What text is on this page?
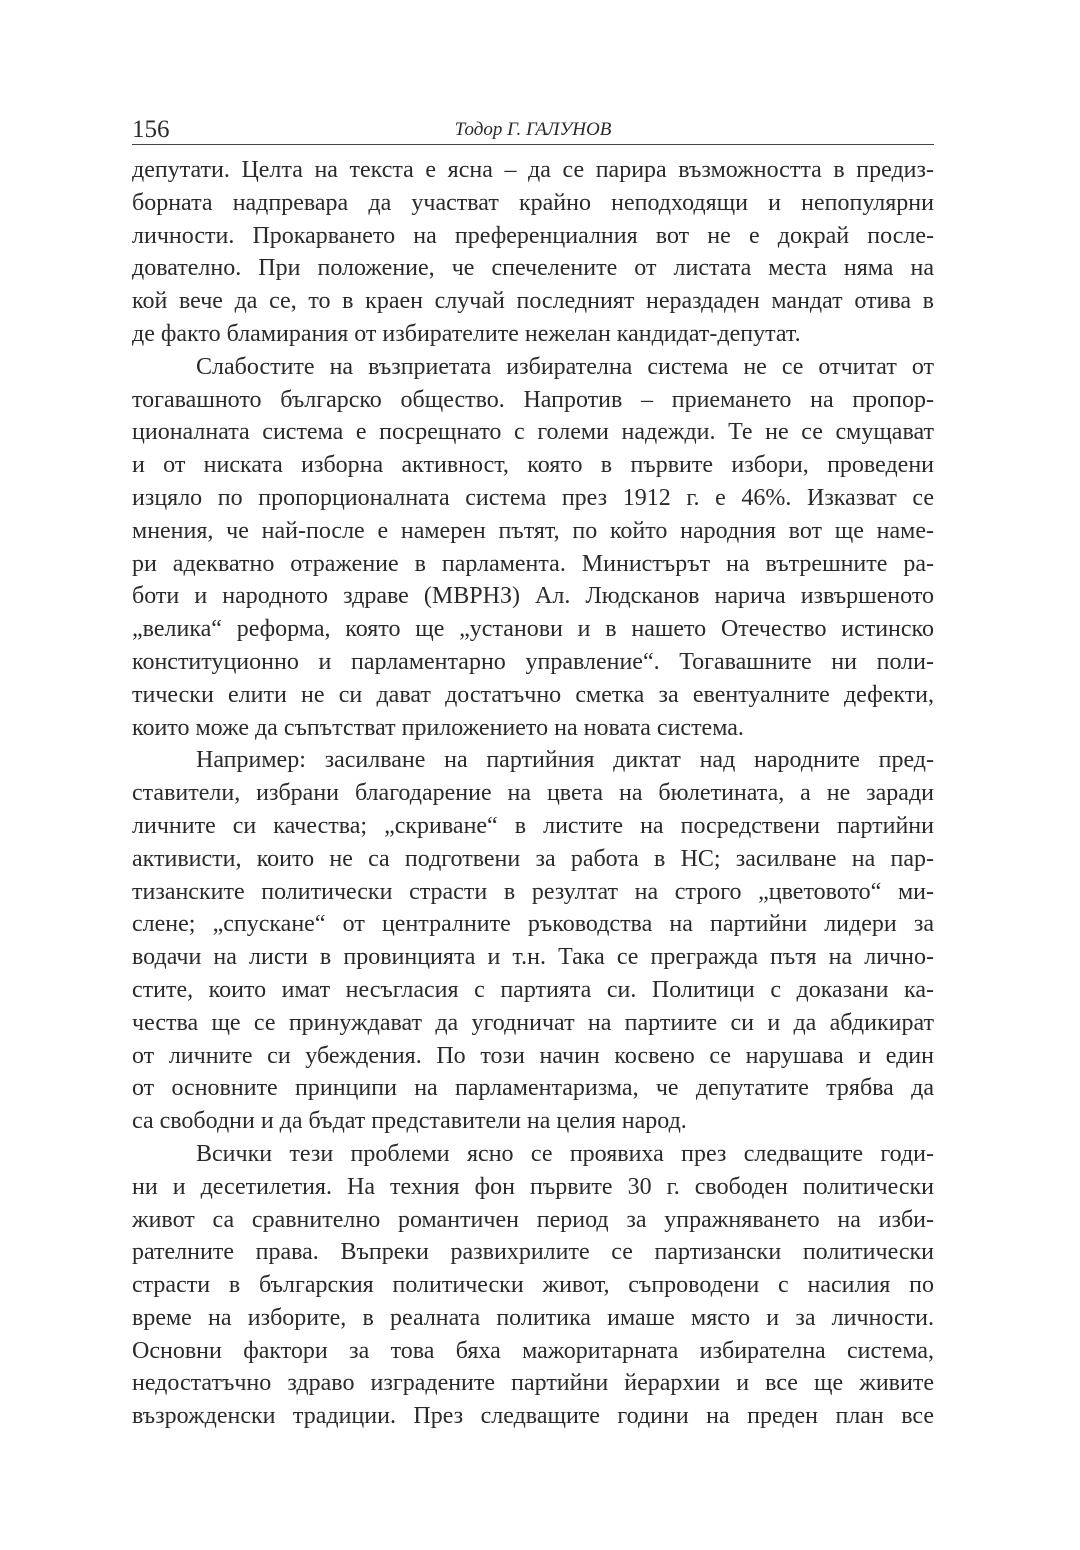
156	Тодор Г. ГАЛУНОВ

депутати. Целта на текста е ясна – да се парира възможността в предиз-
борната надпревара да участват крайно неподходящи и непопулярни
личности. Прокарването на преференциалния вот не е докрай после-
дователно. При положение, че спечелените от листата места няма на
кой вече да се, то в краен случай последният нераздаден мандат отива в
де факто бламирания от избирателите нежелан кандидат-депутат.

Слабостите на възприетата избирателна система не се отчитат от
тогавашното българско общество. Напротив – приемането на пропор-
ционалната система е посрещнато с големи надежди. Те не се смущават
и от ниската изборна активност, която в първите избори, проведени
изцяло по пропорционалната система през 1912 г. е 46%. Изказват се
мнения, че най-после е намерен пътят, по който народния вот ще наме-
ри адекватно отражение в парламента. Министърът на вътрешните ра-
боти и народното здраве (МВРНЗ) Ал. Людсканов нарича извършеното
„велика“ реформа, която ще „установи и в нашето Отечество истинско
конституционно и парламентарно управление“. Тогавашните ни поли-
тически елити не си дават достатъчно сметка за евентуалните дефекти,
които може да съпътстват приложението на новата система.

Например: засилване на партийния диктат над народните пред-
ставители, избрани благодарение на цвета на бюлетината, а не заради
личните си качества; „скриване“ в листите на посредствени партийни
активисти, които не са подготвени за работа в НС; засилване на пар-
тизанските политически страсти в резултат на строго „цветовото“ ми-
слене; „спускане“ от централните ръководства на партийни лидери за
водачи на листи в провинцията и т.н. Така се преграждa пътя на лично-
стите, които имат несъгласия с партията си. Политици с доказани ка-
чества ще се принуждават да угодничат на партиите си и да абдикират
от личните си убеждения. По този начин косвено се нарушава и един
от основните принципи на парламентаризма, че депутатите трябва да
са свободни и да бъдат представители на целия народ.

Всички тези проблеми ясно се проявиха през следващите годи-
ни и десетилетия. На техния фон първите 30 г. свободен политически
живот са сравнително романтичен период за упражняването на изби-
рателните права. Въпреки развихрилите се партизански политически
страсти в българския политически живот, съпроводени с насилия по
време на изборите, в реалната политика имаше място и за личности.
Основни фактори за това бяха мажоритарната избирателна система,
недостатъчно здраво изградените партийни йерархии и все ще живите
възрожденски традиции. През следващите години на преден план все
